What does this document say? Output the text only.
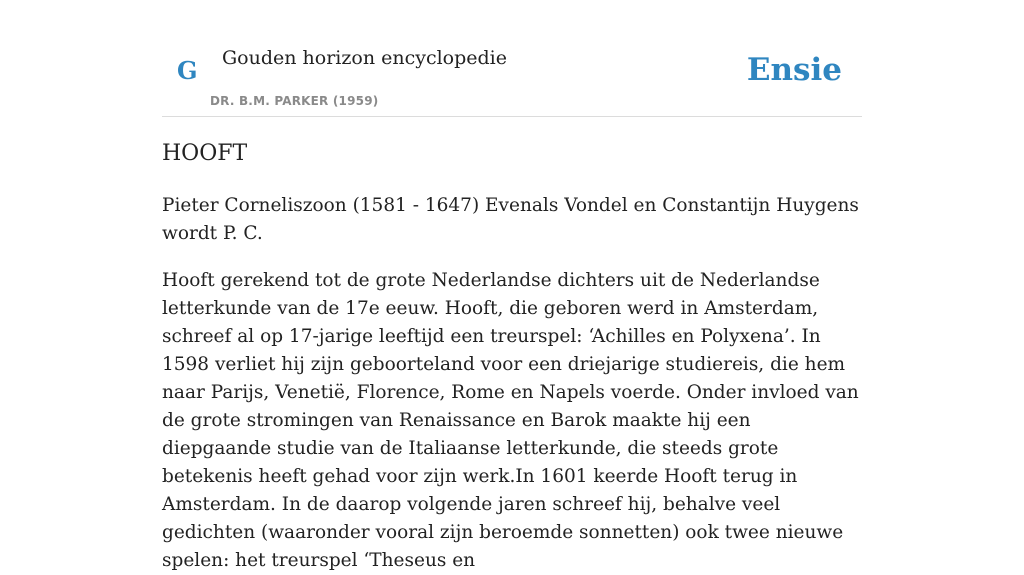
G Gouden horizon encyclopedie
DR. B.M. PARKER (1959)
Ensie
HOOFT

Pieter Corneliszoon (1581 - 1647) Evenals Vondel en Constantijn Huygens wordt P. C.

Hooft gerekend tot de grote Nederlandse dichters uit de Nederlandse letterkunde van de 17e eeuw. Hooft, die geboren werd in Amsterdam, schreef al op 17-jarige leeftijd een treurspel: ‘Achilles en Polyxena’. In 1598 verliet hij zijn geboorteland voor een driejarige studiereis, die hem naar Parijs, Venetië, Florence, Rome en Napels voerde. Onder invloed van de grote stromingen van Renaissance en Barok maakte hij een diepgaande studie van de Italiaanse letterkunde, die steeds grote betekenis heeft gehad voor zijn werk.In 1601 keerde Hooft terug in Amsterdam. In de daarop volgende jaren schreef hij, behalve veel gedichten (waaronder vooral zijn beroemde sonnetten) ook twee nieuwe spelen: het treurspel ‘Theseus en
